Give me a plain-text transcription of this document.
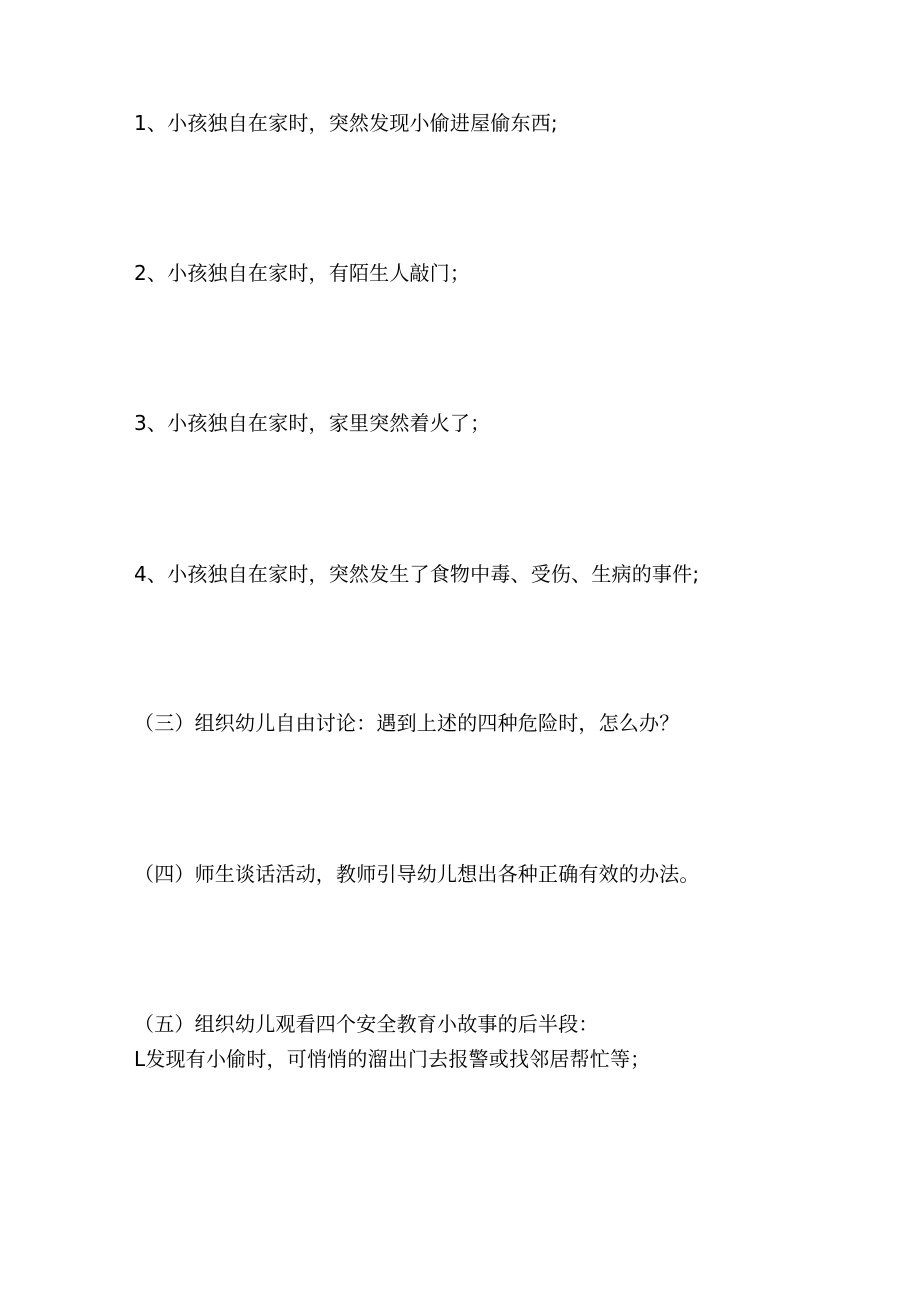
1、小孩独自在家时，突然发现小偷进屋偷东西;
2、小孩独自在家时，有陌生人敲门；
3、小孩独自在家时，家里突然着火了；
4、小孩独自在家时，突然发生了食物中毒、受伤、生病的事件;
（三）组织幼儿自由讨论：遇到上述的四种危险时，怎么办？
（四）师生谈话活动，教师引导幼儿想出各种正确有效的办法。
（五）组织幼儿观看四个安全教育小故事的后半段：
L发现有小偷时，可悄悄的溜出门去报警或找邻居帮忙等；
